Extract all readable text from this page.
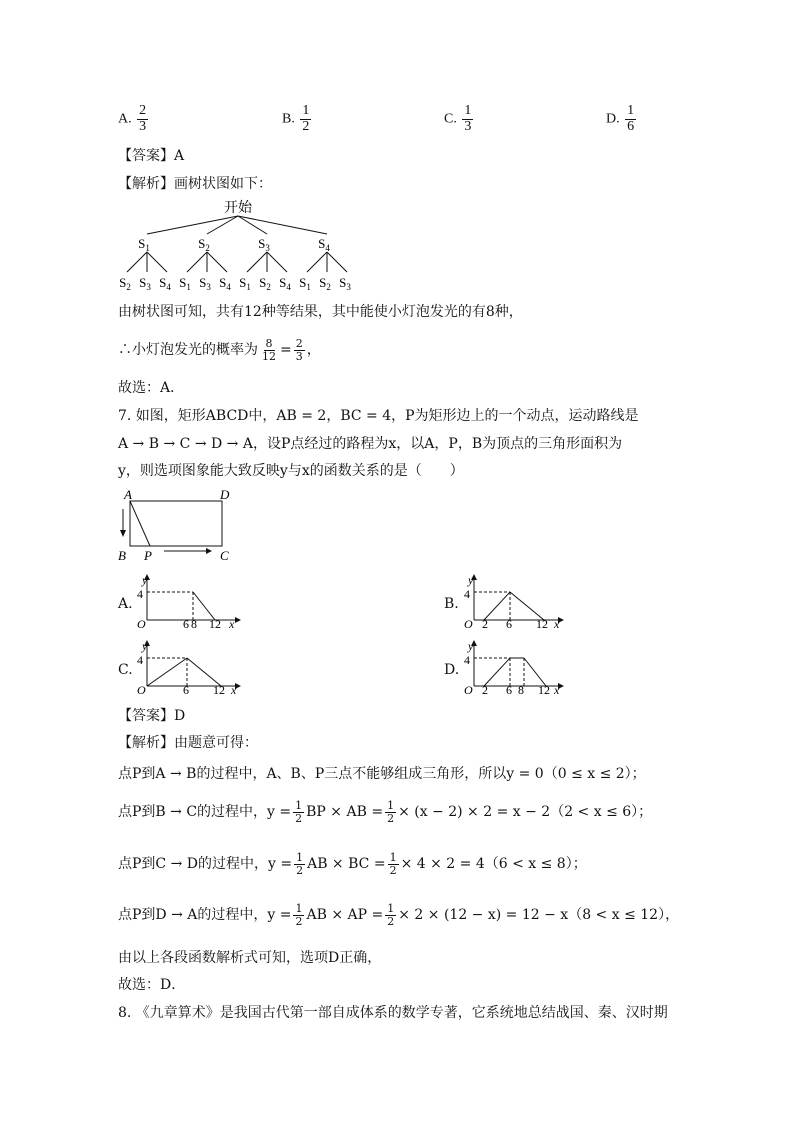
A. $\frac{2}{3}$	B. $\frac{1}{2}$	C. $\frac{1}{3}$	D. $\frac{1}{6}$
【答案】A
【解析】画树状图如下：
开始
$S_1$	$S_2$	$S_3$	$S_4$
$S_2$ $S_3$ $S_4$ $S_1$ $S_3$ $S_4$ $S_1$ $S_2$ $S_4$ $S_1$ $S_2$ $S_3$
由树状图可知，共有12种等结果，其中能使小灯泡发光的有8种，
∴小灯泡发光的概率为 $\frac{8}{12} = \frac{2}{3}$ ，
故选：A．
7. 如图，矩形ABCD中，AB = 2，BC = 4，P为矩形边上的一个动点，运动路线是
A → B → C → D → A，设P点经过的路程为x，以A，P，B为顶点的三角形面积为
y，则选项图象能大致反映y与x的函数关系的是（　　）
A	D
B P	C
A.
y
4
O	6 8 12 x
B.
y
4
O 2 6 12 x
C.
y
4
O	6 12 x
D.
y
4
O 2 6 8 12 x
【答案】D
【解析】由题意可得：
点P到A → B的过程中，A、B、P三点不能够组成三角形，所以y = 0（0 ≤ x ≤ 2）；
点P到B → C的过程中，$y = \frac{1}{2}$ BP × AB = $\frac{1}{2} \times (x - 2) \times 2 = x - 2(2 < x \le 6)$；
点P到C → D的过程中，$y = \frac{1}{2}$ AB × BC = $\frac{1}{2} \times 4 \times 2 = 4(6 < x \le 8)$；
点P到D → A的过程中，$y = \frac{1}{2}$ AB × AP = $\frac{1}{2} \times 2 \times (12 - x) = 12 - x(8 < x \le 12)$，
由以上各段函数解析式可知，选项D正确，
故选：D．
8. 《九章算术》是我国古代第一部自成体系的数学专著，它系统地总结战国、秦、汉时期
